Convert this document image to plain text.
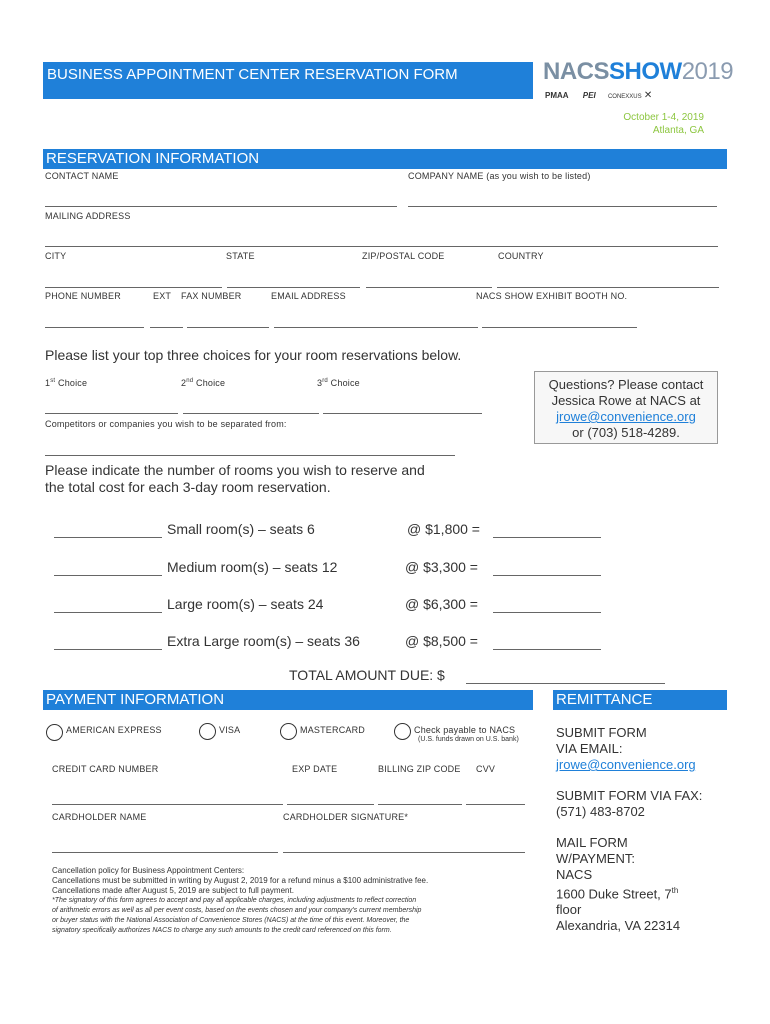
BUSINESS APPOINTMENT CENTER RESERVATION FORM	NACSSHOW2019
PMAA PEI CONEXXUS ✕
October 1-4, 2019
Atlanta, GA
RESERVATION INFORMATION
CONTACT NAME	COMPANY NAME (as you wish to be listed)
MAILING ADDRESS
CITY	STATE	ZIP/POSTAL CODE	COUNTRY
PHONE NUMBER	EXT FAX NUMBER	EMAIL ADDRESS	NACS SHOW EXHIBIT BOOTH NO.
Please list your top three choices for your room reservations below.
1st Choice	2nd Choice	3rd Choice
Competitors or companies you wish to be separated from:
Questions? Please contact
Jessica Rowe at NACS at
jrowe@convenience.org
or (703) 518-4289.
Please indicate the number of rooms you wish to reserve and
the total cost for each 3-day room reservation.
Small room(s) – seats 6	@ $1,800 =
Medium room(s) – seats 12	@ $3,300 =
Large room(s) – seats 24	@ $6,300 =
Extra Large room(s) – seats 36	@ $8,500 =
TOTAL AMOUNT DUE: $
PAYMENT INFORMATION	REMITTANCE
AMERICAN EXPRESS	VISA	MASTERCARD	Check payable to NACS
(U.S. funds drawn on U.S. bank)
CREDIT CARD NUMBER	EXP DATE	BILLING ZIP CODE CVV
CARDHOLDER NAME	CARDHOLDER SIGNATURE*
Cancellation policy for Business Appointment Centers:
Cancellations must be submitted in writing by August 2, 2019 for a refund minus a $100 administrative fee.
Cancellations made after August 5, 2019 are subject to full payment.
*The signatory of this form agrees to accept and pay all applicable charges, including adjustments to reflect correction
of arithmetic errors as well as all per event costs, based on the events chosen and your company's current membership
or buyer status with the National Association of Convenience Stores (NACS) at the time of this event. Moreover, the
signatory specifically authorizes NACS to charge any such amounts to the credit card referenced on this form.
SUBMIT FORM
VIA EMAIL:
jrowe@convenience.org
SUBMIT FORM VIA FAX:
(571) 483-8702
MAIL FORM
W/PAYMENT:
NACS
1600 Duke Street, 7th
floor
Alexandria, VA 22314
